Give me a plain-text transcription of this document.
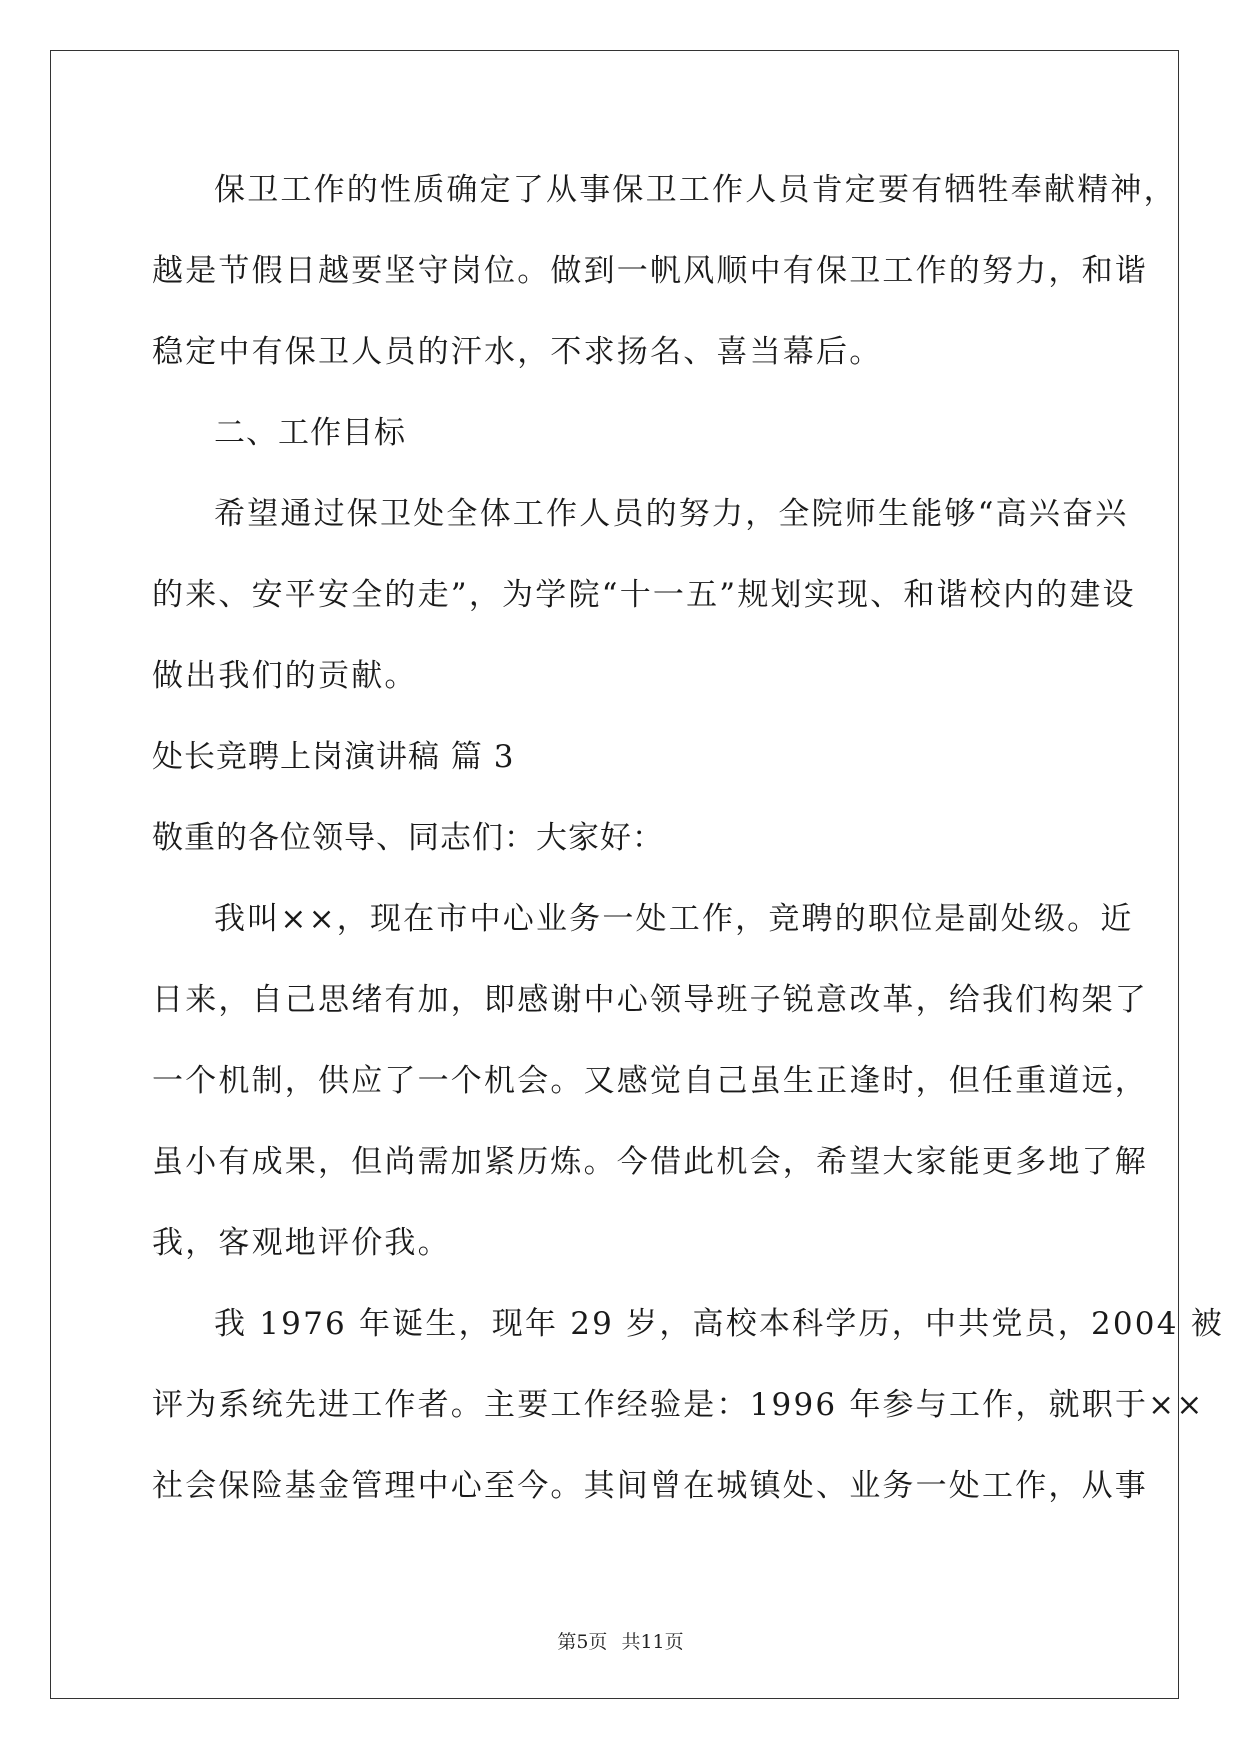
保卫工作的性质确定了从事保卫工作人员肯定要有牺牲奉献精神，
越是节假日越要坚守岗位。做到一帆风顺中有保卫工作的努力，和谐
稳定中有保卫人员的汗水，不求扬名、喜当幕后。
二、工作目标
希望通过保卫处全体工作人员的努力，全院师生能够“高兴奋兴
的来、安平安全的走”，为学院“十一五”规划实现、和谐校内的建设
做出我们的贡献。
处长竞聘上岗演讲稿 篇 3
敬重的各位领导、同志们：大家好：
我叫××，现在市中心业务一处工作，竞聘的职位是副处级。近
日来，自己思绪有加，即感谢中心领导班子锐意改革，给我们构架了
一个机制，供应了一个机会。又感觉自己虽生正逢时，但任重道远，
虽小有成果，但尚需加紧历炼。今借此机会，希望大家能更多地了解
我，客观地评价我。
我 1976 年诞生，现年 29 岁，高校本科学历，中共党员，2004 被
评为系统先进工作者。主要工作经验是：1996 年参与工作，就职于××
社会保险基金管理中心至今。其间曾在城镇处、业务一处工作，从事
第5页 共11页
